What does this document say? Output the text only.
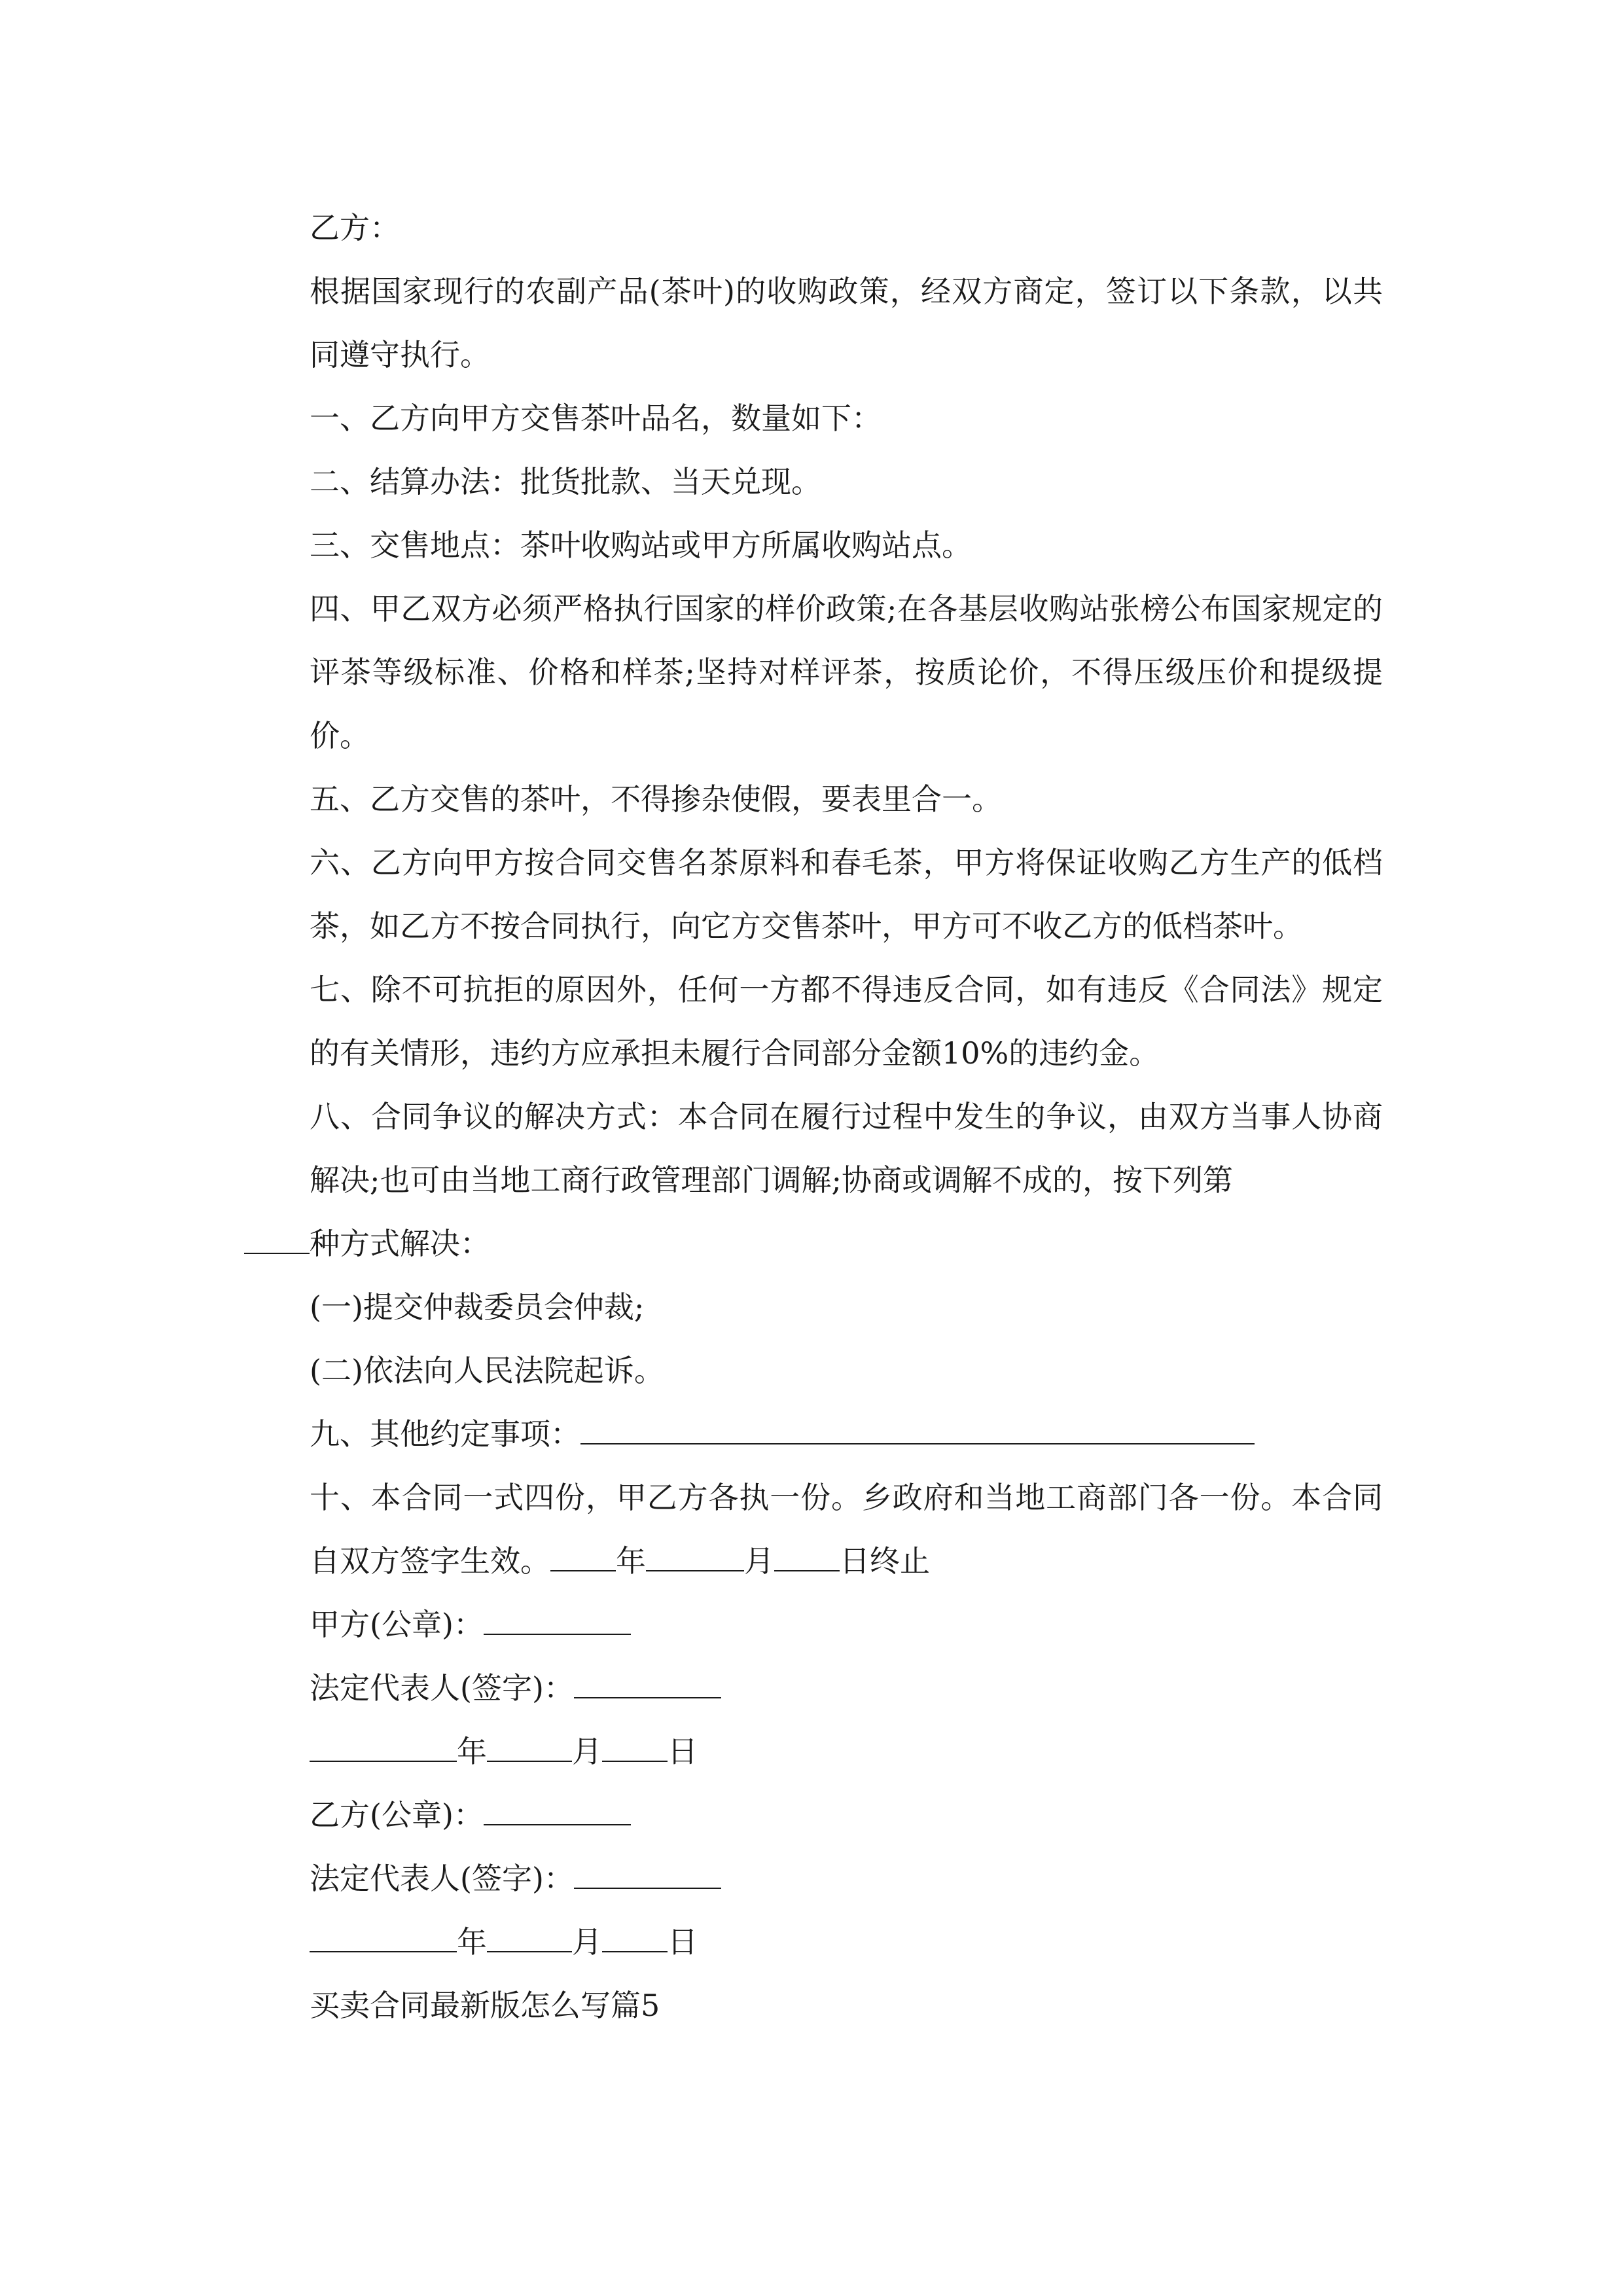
乙方：

根据国家现行的农副产品(茶叶)的收购政策，经双方商定，签订以下条款，以共同遵守执行。

一、乙方向甲方交售茶叶品名，数量如下：

二、结算办法：批货批款、当天兑现。

三、交售地点：茶叶收购站或甲方所属收购站点。

四、甲乙双方必须严格执行国家的样价政策;在各基层收购站张榜公布国家规定的评茶等级标准、价格和样茶;坚持对样评茶，按质论价，不得压级压价和提级提价。

五、乙方交售的茶叶，不得掺杂使假，要表里合一。

六、乙方向甲方按合同交售名茶原料和春毛茶，甲方将保证收购乙方生产的低档茶，如乙方不按合同执行，向它方交售茶叶，甲方可不收乙方的低档茶叶。

七、除不可抗拒的原因外，任何一方都不得违反合同，如有违反《合同法》规定的有关情形，违约方应承担未履行合同部分金额10%的违约金。

八、合同争议的解决方式：本合同在履行过程中发生的争议，由双方当事人协商解决;也可由当地工商行政管理部门调解;协商或调解不成的，按下列第

种方式解决：

(一)提交仲裁委员会仲裁;

(二)依法向人民法院起诉。

九、其他约定事项：

十、本合同一式四份，甲乙方各执一份。乡政府和当地工商部门各一份。本合同自双方签字生效。 年	月 日终止

甲方(公章)：

法定代表人(签字)：

年	月 日

乙方(公章)：

法定代表人(签字)：

年	月 日

买卖合同最新版怎么写篇5
